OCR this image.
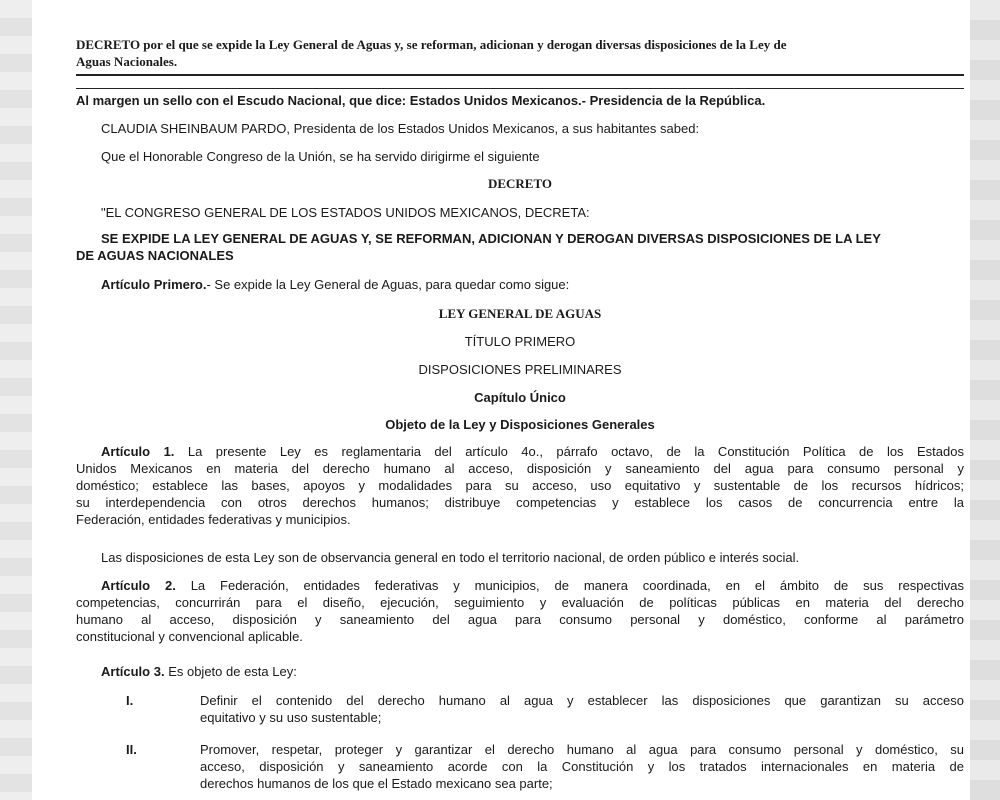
DECRETO por el que se expide la Ley General de Aguas y, se reforman, adicionan y derogan diversas disposiciones de la Ley de
Aguas Nacionales.

Al margen un sello con el Escudo Nacional, que dice: Estados Unidos Mexicanos.- Presidencia de la República.

CLAUDIA SHEINBAUM PARDO, Presidenta de los Estados Unidos Mexicanos, a sus habitantes sabed:

Que el Honorable Congreso de la Unión, se ha servido dirigirme el siguiente

DECRETO

"EL CONGRESO GENERAL DE LOS ESTADOS UNIDOS MEXICANOS, DECRETA:

SE EXPIDE LA LEY GENERAL DE AGUAS Y, SE REFORMAN, ADICIONAN Y DEROGAN DIVERSAS DISPOSICIONES DE LA LEY

DE AGUAS NACIONALES

Artículo Primero.- Se expide la Ley General de Aguas, para quedar como sigue:

LEY GENERAL DE AGUAS

TÍTULO PRIMERO

DISPOSICIONES PRELIMINARES

Capítulo Único

Objeto de la Ley y Disposiciones Generales

Artículo 1. La presente Ley es reglamentaria del artículo 4o., párrafo octavo, de la Constitución Política de los Estados

Unidos Mexicanos en materia del derecho humano al acceso, disposición y saneamiento del agua para consumo personal y

doméstico; establece las bases, apoyos y modalidades para su acceso, uso equitativo y sustentable de los recursos hídricos;

su interdependencia con otros derechos humanos; distribuye competencias y establece los casos de concurrencia entre la

Federación, entidades federativas y municipios.

Las disposiciones de esta Ley son de observancia general en todo el territorio nacional, de orden público e interés social.

Artículo 2. La Federación, entidades federativas y municipios, de manera coordinada, en el ámbito de sus respectivas

competencias, concurrirán para el diseño, ejecución, seguimiento y evaluación de políticas públicas en materia del derecho

humano al acceso, disposición y saneamiento del agua para consumo personal y doméstico, conforme al parámetro

constitucional y convencional aplicable.

Artículo 3. Es objeto de esta Ley:

I.	Definir el contenido del derecho humano al agua y establecer las disposiciones que garantizan su acceso
equitativo y su uso sustentable;
II.	Promover, respetar, proteger y garantizar el derecho humano al agua para consumo personal y doméstico, su
acceso, disposición y saneamiento acorde con la Constitución y los tratados internacionales en materia de
derechos humanos de los que el Estado mexicano sea parte;
